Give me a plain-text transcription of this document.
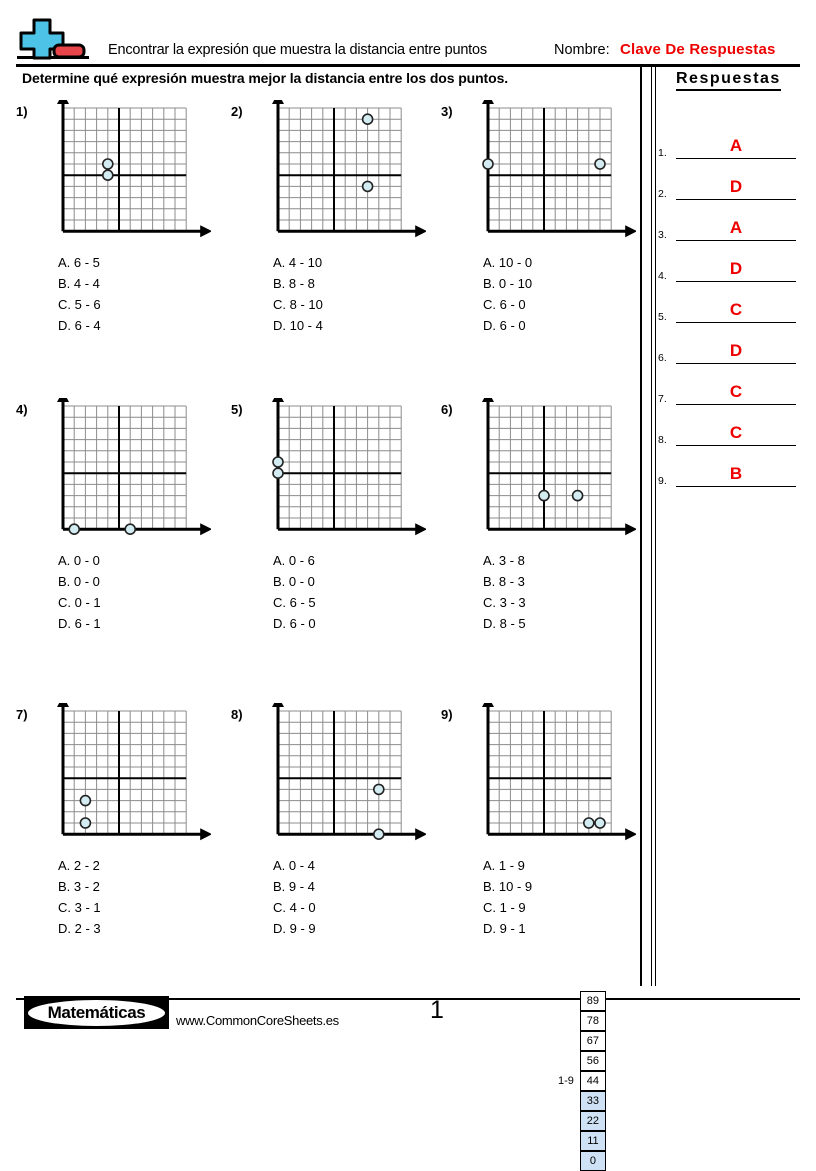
Encontrar la expresión que muestra la distancia entre puntos	Nombre: Clave De Respuestas
Determine qué expresión muestra mejor la distancia entre los dos puntos.
1)
A. 6 - 5
B. 4 - 4
C. 5 - 6
D. 6 - 4
2)
A. 4 - 10
B. 8 - 8
C. 8 - 10
D. 10 - 4
3)
A. 10 - 0
B. 0 - 10
C. 6 - 0
D. 6 - 0
4)
A. 0 - 0
B. 0 - 0
C. 0 - 1
D. 6 - 1
5)
A. 0 - 6
B. 0 - 0
C. 6 - 5
D. 6 - 0
6)
A. 3 - 8
B. 8 - 3
C. 3 - 3
D. 8 - 5
7)
A. 2 - 2
B. 3 - 2
C. 3 - 1
D. 2 - 3
8)
A. 0 - 4
B. 9 - 4
C. 4 - 0
D. 9 - 9
9)
A. 1 - 9
B. 10 - 9
C. 1 - 9
D. 9 - 1
Respuestas
1.	A
2.	D
3.	A
4.	D
5.	C
6.	D
7.	C
8.	C
9.	B
Matemáticas www.CommonCoreSheets.es	1
1-9
89
78
67
56
44
33
22
11
0
